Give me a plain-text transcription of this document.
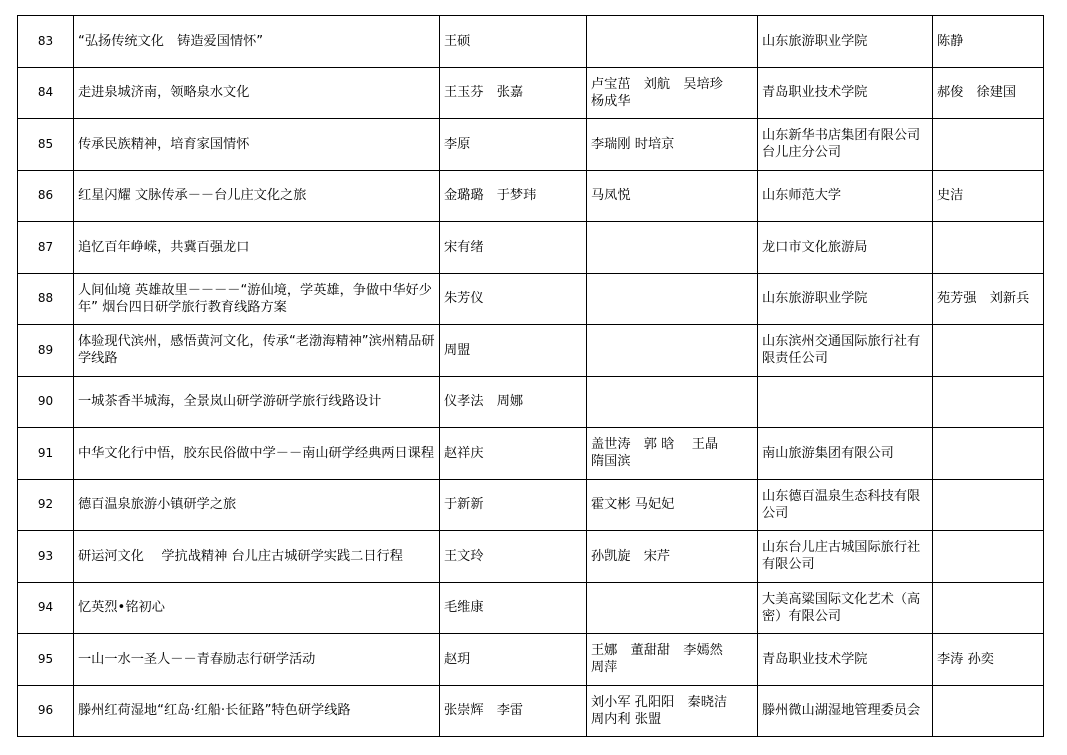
83	“弘扬传统文化　铸造爱国情怀”	王硕		山东旅游职业学院	陈静
84	走进泉城济南，领略泉水文化	王玉芬　张嘉	卢宝茁　刘航　吴培珍
杨成华	青岛职业技术学院	郝俊　徐建国
85	传承民族精神，培育家国情怀	李原	李瑞刚 时培京	山东新华书店集团有限公司台儿庄分公司	
86	红星闪耀 文脉传承－－台儿庄文化之旅	金璐璐　于梦玮	马凤悦	山东师范大学	史洁
87	追忆百年峥嵘，共冀百强龙口	宋有绪		龙口市文化旅游局	
88	人间仙境 英雄故里－－－－“游仙境，学英雄，争做中华好少年” 烟台四日研学旅行教育线路方案	朱芳仪		山东旅游职业学院	苑芳强　刘新兵
89	体验现代滨州，感悟黄河文化，传承“老渤海精神”滨州精品研学线路	周盟		山东滨州交通国际旅行社有限责任公司	
90	一城茶香半城海，全景岚山研学游研学旅行线路设计	仪孝法　周娜			
91	中华文化行中悟，胶东民俗做中学－－南山研学经典两日课程	赵祥庆	盖世涛　郭 晗　 王晶
隋国滨	南山旅游集团有限公司	
92	德百温泉旅游小镇研学之旅	于新新	霍文彬 马妃妃	山东德百温泉生态科技有限公司	
93	研运河文化　 学抗战精神 台儿庄古城研学实践二日行程	王文玲	孙凯旋　宋芹	山东台儿庄古城国际旅行社有限公司	
94	忆英烈•铭初心	毛维康		大美高粱国际文化艺术（高密）有限公司	
95	一山一水一圣人－－青春励志行研学活动	赵玥	王娜　董甜甜　李嫣然
周萍	青岛职业技术学院	李涛 孙奕
96	滕州红荷湿地“红岛·红船·长征路”特色研学线路	张崇辉　李雷	刘小军 孔阳阳　秦晓洁
周内利 张盟	滕州微山湖湿地管理委员会	
